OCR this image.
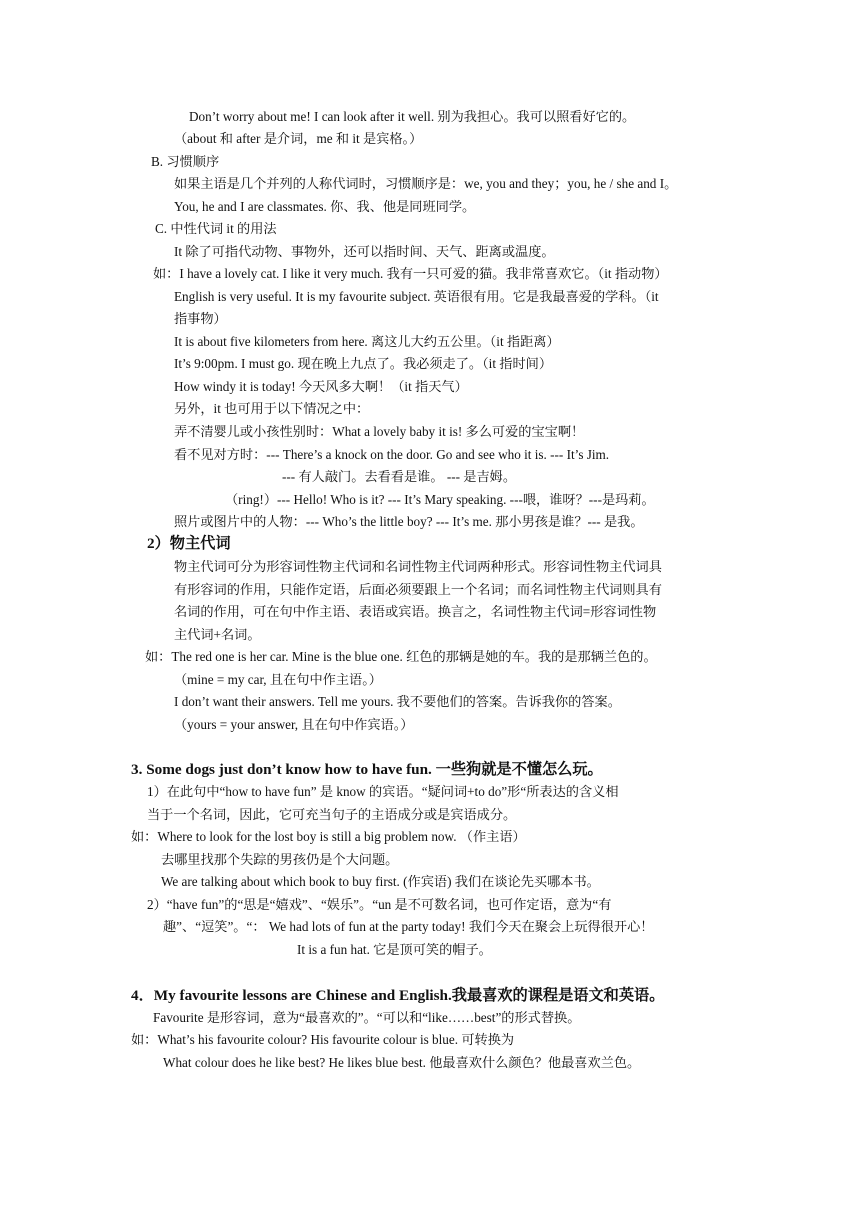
Don’t worry about me! I can look after it well. 别为我担心。我可以照看好它的。
（about 和 after 是介词，me 和 it 是宾格。）
B. 习惯顺序
如果主语是几个并列的人称代词时，习惯顺序是：we, you and they；you, he / she and I。
You, he and I are classmates. 你、我、他是同班同学。
C. 中性代词 it 的用法
It 除了可指代动物、事物外，还可以指时间、天气、距离或温度。
如：I have a lovely cat. I like it very much. 我有一只可爱的猫。我非常喜欢它。（it 指动物）
English is very useful. It is my favourite subject. 英语很有用。它是我最喜爱的学科。（it
指事物）
It is about five kilometers from here. 离这儿大约五公里。（it 指距离）
It’s 9:00pm. I must go. 现在晚上九点了。我必须走了。（it 指时间）
How windy it is today! 今天风多大啊！（it 指天气）
另外，it 也可用于以下情况之中：
弄不清婴儿或小孩性别时：What a lovely baby it is! 多么可爱的宝宝啊！
看不见对方时：--- There’s a knock on the door. Go and see who it is. --- It’s Jim.
--- 有人敲门。去看看是谁。 --- 是吉姆。
（ring!）--- Hello! Who is it? --- It’s Mary speaking. ---喂，谁呀？---是玛莉。
照片或图片中的人物：--- Who’s the little boy? --- It’s me. 那小男孩是谁？--- 是我。
2）物主代词
物主代词可分为形容词性物主代词和名词性物主代词两种形式。形容词性物主代词具
有形容词的作用，只能作定语，后面必须要跟上一个名词；而名词性物主代词则具有
名词的作用，可在句中作主语、表语或宾语。换言之，名词性物主代词=形容词性物
主代词+名词。
如：The red one is her car. Mine is the blue one. 红色的那辆是她的车。我的是那辆兰色的。
（mine = my car, 且在句中作主语。）
I don’t want their answers. Tell me yours. 我不要他们的答案。告诉我你的答案。
（yours = your answer, 且在句中作宾语。）
3. Some dogs just don’t know how to have fun. 一些狗就是不懂怎么玩。
1）在此句中“how to have fun” 是 know 的宾语。“疑问词+to do”形“所表达的含义相
当于一个名词，因此，它可充当句子的主语成分或是宾语成分。
如：Where to look for the lost boy is still a big problem now. （作主语）
去哪里找那个失踪的男孩仍是个大问题。
We are talking about which book to buy first. (作宾语) 我们在谈论先买哪本书。
2）“have fun”的“思是“嬉戏”、“娱乐”。“un 是不可数名词，也可作定语，意为“有
趣”、“逗笑”。“： We had lots of fun at the party today! 我们今天在聚会上玩得很开心！
It is a fun hat. 它是顶可笑的帽子。
4．My favourite lessons are Chinese and English.我最喜欢的课程是语文和英语。
Favourite 是形容词，意为“最喜欢的”。“可以和“like……best”的形式替换。
如：What’s his favourite colour? His favourite colour is blue. 可转换为
What colour does he like best? He likes blue best. 他最喜欢什么颜色？他最喜欢兰色。
